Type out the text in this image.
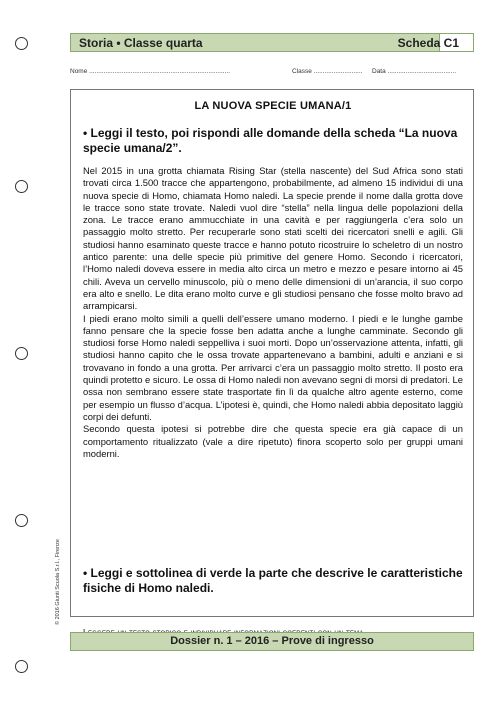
Storia • Classe quarta	Scheda C1
Nome ..............................................................................	Classe ........................... Data ......................................
LA NUOVA SPECIE UMANA/1
• Leggi il testo, poi rispondi alle domande della scheda “La nuova specie umana/2”.

Nel 2015 in una grotta chiamata Rising Star (stella nascente) del Sud Africa sono stati trovati circa 1.500 tracce che appartengono, probabilmente, ad almeno 15 individui di una nuova specie di Homo, chiamata Homo naledi. La specie prende il nome dalla grotta dove le tracce sono state trovate. Naledi vuol dire “stella” nella lingua delle popolazioni della zona. Le tracce erano ammucchiate in una cavità e per raggiungerla c’era solo un passaggio molto stretto. Per recuperarle sono stati scelti dei ricercatori snelli e agili. Gli studiosi hanno esaminato queste tracce e hanno potuto ricostruire lo scheletro di un nostro antico parente: una delle specie più primitive del genere Homo. Secondo i ricercatori, l’Homo naledi doveva essere in media alto circa un metro e mezzo e pesare intorno ai 45 chili. Aveva un cervello minuscolo, più o meno delle dimensioni di un’arancia, il suo corpo era alto e snello. Le dita erano molto curve e gli studiosi pensano che fosse molto bravo ad arrampicarsi.

I piedi erano molto simili a quelli dell’essere umano moderno. I piedi e le lunghe gambe fanno pensare che la specie fosse ben adatta anche a lunghe camminate. Secondo gli studiosi forse Homo naledi seppelliva i suoi morti. Dopo un’osservazione attenta, infatti, gli studiosi hanno capito che le ossa trovate appartenevano a bambini, adulti e anziani e si trovavano in fondo a una grotta. Per arrivarci c’era un passaggio molto stretto. Il posto era quindi protetto e sicuro. Le ossa di Homo naledi non avevano segni di morsi di predatori. Le ossa non sembrano essere state trasportate fin lì da qualche altro agente esterno, come per esempio un flusso d’acqua. L’ipotesi è, quindi, che Homo naledi abbia depositato laggiù corpi dei defunti.

Secondo questa ipotesi si potrebbe dire che questa specie era già capace di un comportamento ritualizzato (vale a dire ripetuto) finora scoperto solo per gruppi umani moderni.

• Leggi e sottolinea di verde la parte che descrive le caratteristiche fisiche di Homo naledi.
© 2016 Giunti Scuola S.r.l., Firenze
Dossier n. 1 – 2016 – Prove di ingresso
